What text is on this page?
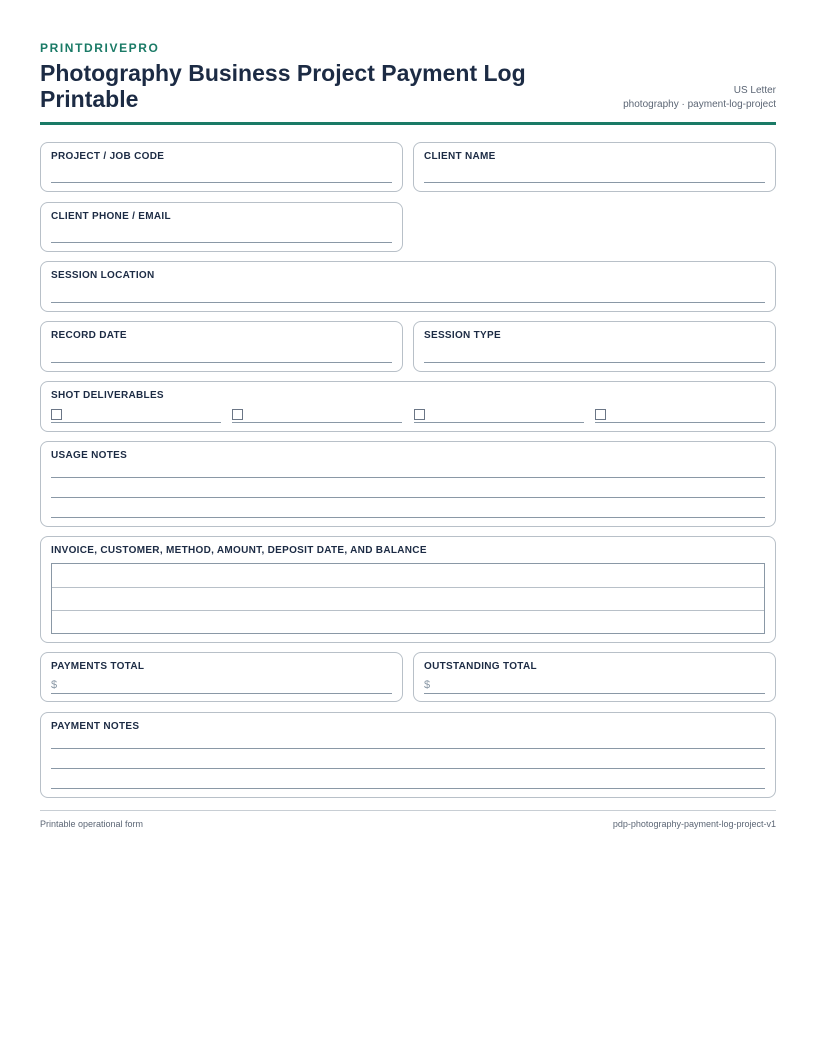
PRINTDRIVEPRO
Photography Business Project Payment Log Printable	US Letter
photography · payment-log-project
PROJECT / JOB CODE	CLIENT NAME
CLIENT PHONE / EMAIL
SESSION LOCATION
RECORD DATE	SESSION TYPE
SHOT DELIVERABLES
USAGE NOTES
INVOICE, CUSTOMER, METHOD, AMOUNT, DEPOSIT DATE, AND BALANCE
PAYMENTS TOTAL
$
OUTSTANDING TOTAL
$
PAYMENT NOTES
Printable operational form	pdp-photography-payment-log-project-v1
